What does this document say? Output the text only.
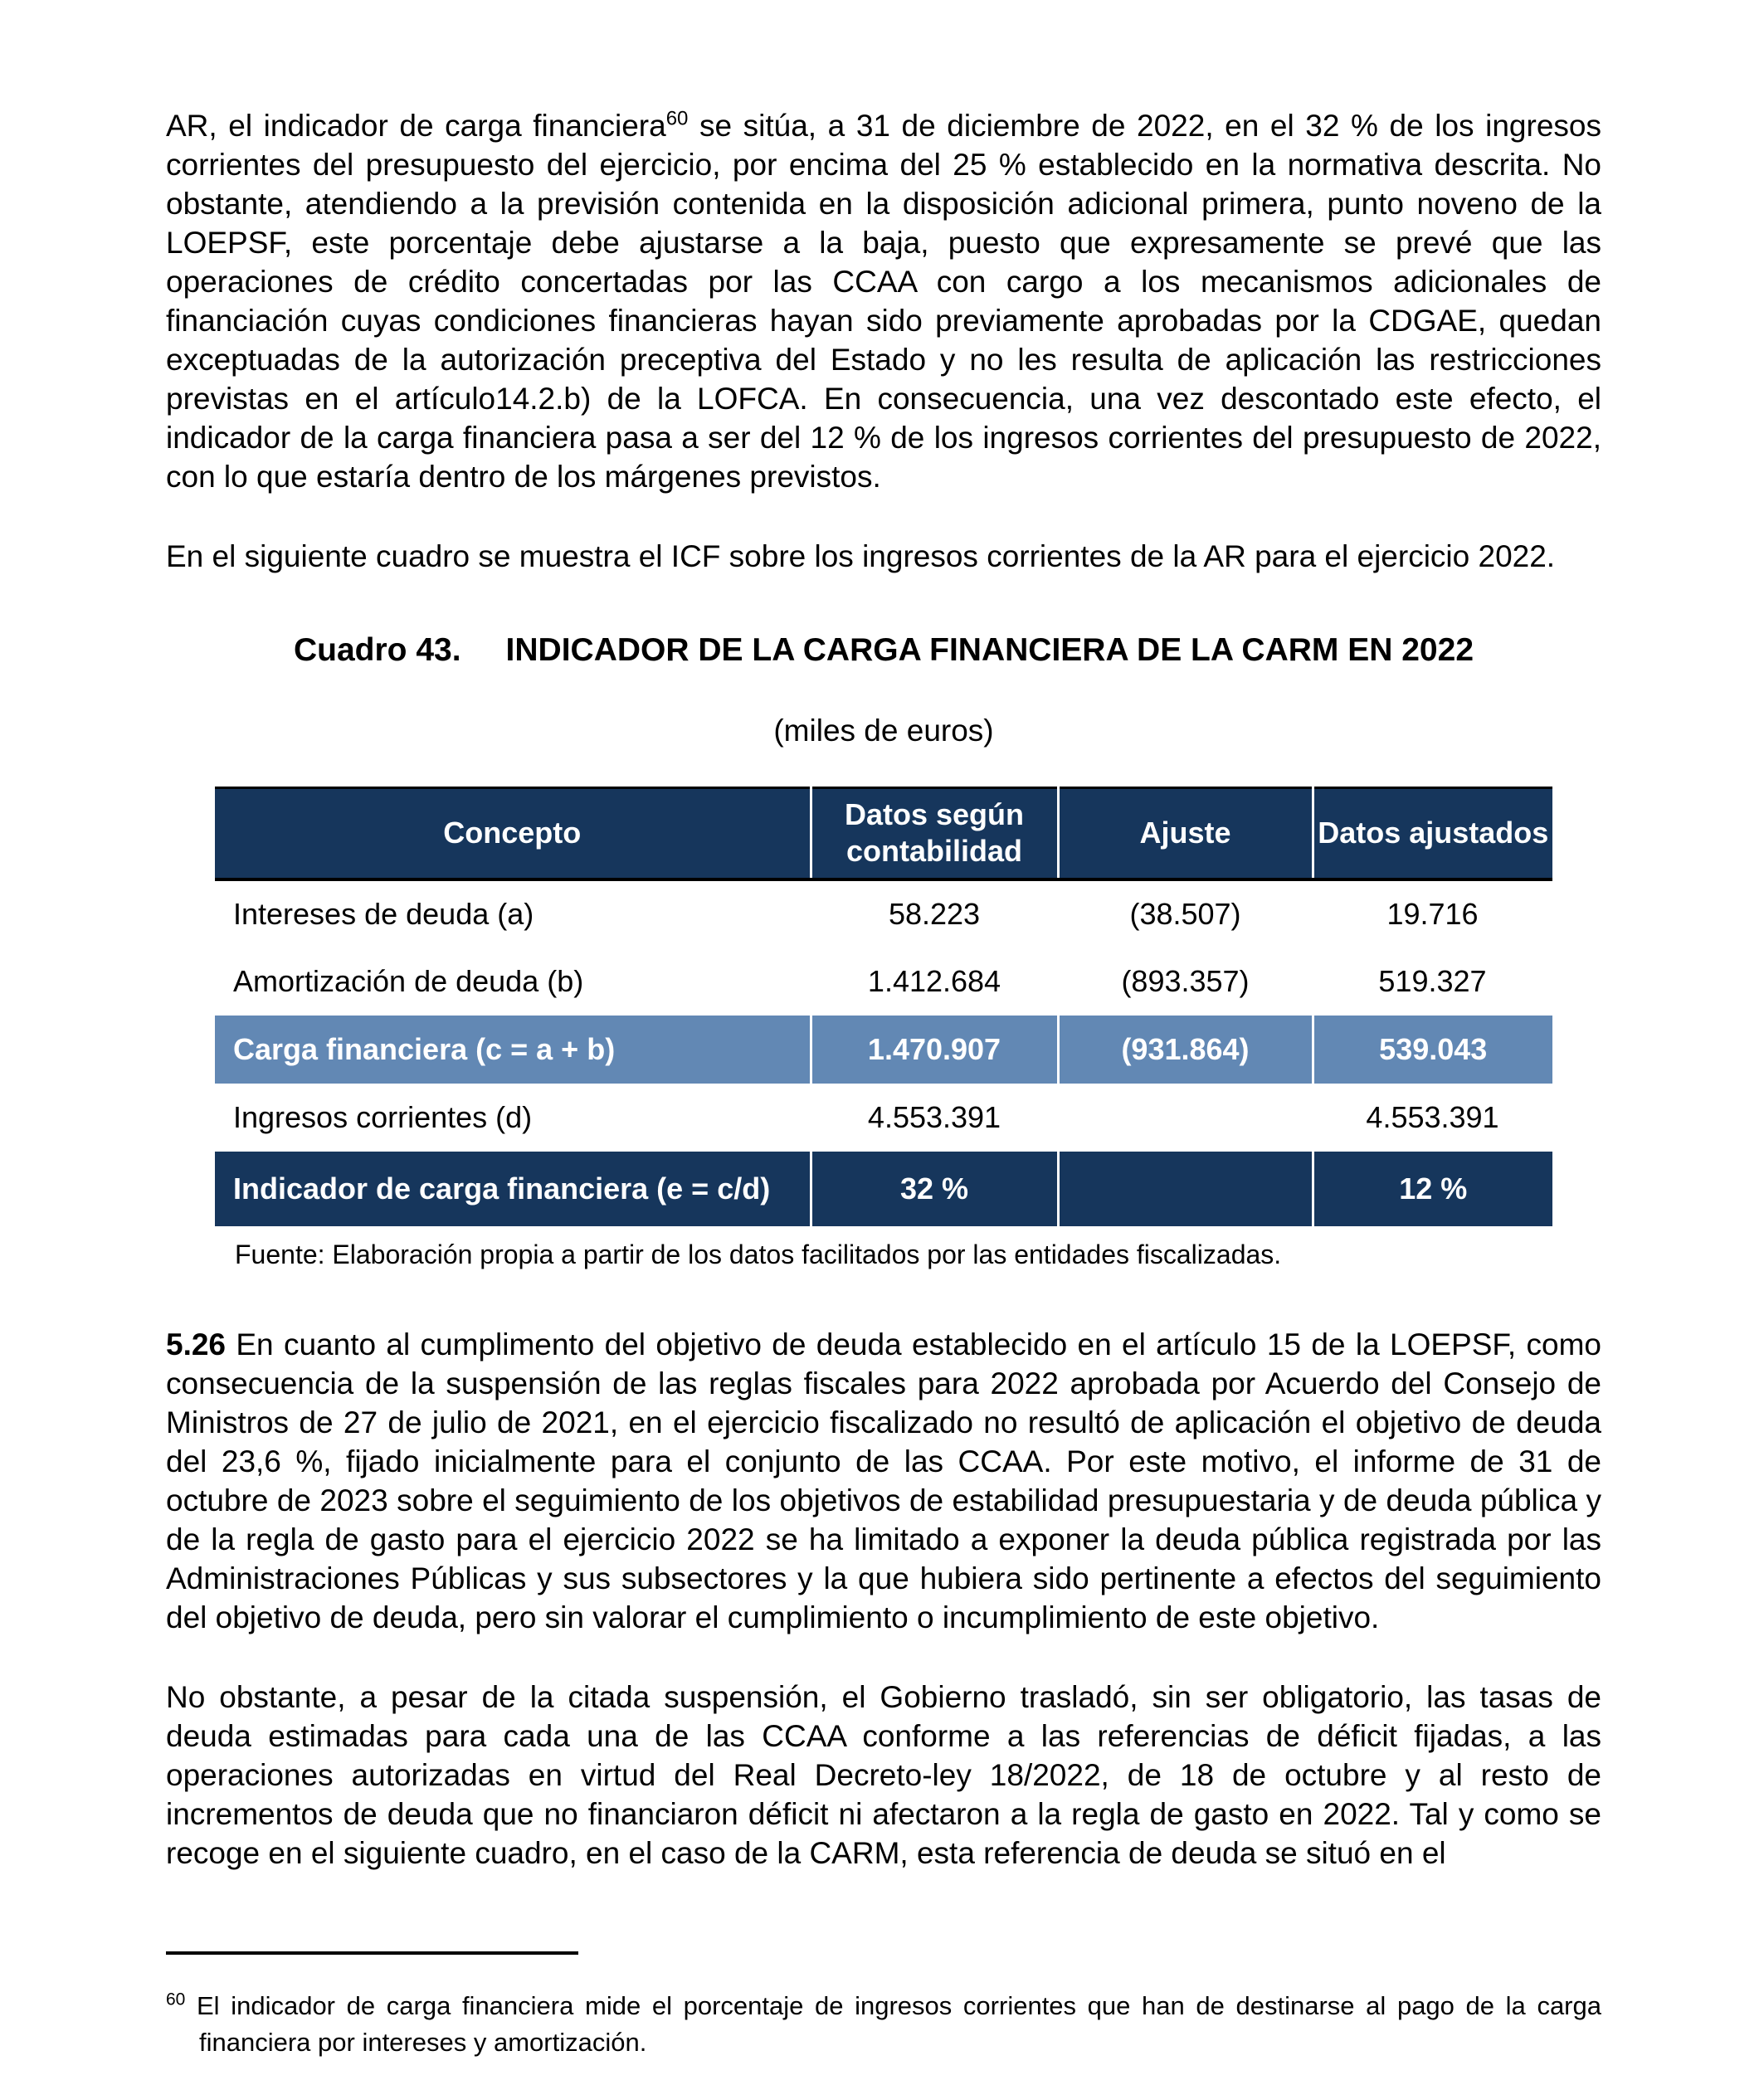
AR, el indicador de carga financiera$^{60}$ se sitúa, a 31 de diciembre de 2022, en el 32 % de los ingresos corrientes del presupuesto del ejercicio, por encima del 25 % establecido en la normativa descrita. No obstante, atendiendo a la previsión contenida en la disposición adicional primera, punto noveno de la LOEPSF, este porcentaje debe ajustarse a la baja, puesto que expresamente se prevé que las operaciones de crédito concertadas por las CCAA con cargo a los mecanismos adicionales de financiación cuyas condiciones financieras hayan sido previamente aprobadas por la CDGAE, quedan exceptuadas de la autorización preceptiva del Estado y no les resulta de aplicación las restricciones previstas en el artículo14.2.b) de la LOFCA. En consecuencia, una vez descontado este efecto, el indicador de la carga financiera pasa a ser del 12 % de los ingresos corrientes del presupuesto de 2022, con lo que estaría dentro de los márgenes previstos.

En el siguiente cuadro se muestra el ICF sobre los ingresos corrientes de la AR para el ejercicio 2022.

Cuadro 43. INDICADOR DE LA CARGA FINANCIERA DE LA CARM EN 2022
(miles de euros)
Concepto	Datos según contabilidad	Ajuste	Datos ajustados
Intereses de deuda (a)	58.223	(38.507)	19.716
Amortización de deuda (b)	1.412.684	(893.357)	519.327
Carga financiera (c = a + b)	1.470.907	(931.864)	539.043
Ingresos corrientes (d)	4.553.391		4.553.391
Indicador de carga financiera (e = c/d)	32 %		12 %
Fuente: Elaboración propia a partir de los datos facilitados por las entidades fiscalizadas.

5.26 En cuanto al cumplimento del objetivo de deuda establecido en el artículo 15 de la LOEPSF, como consecuencia de la suspensión de las reglas fiscales para 2022 aprobada por Acuerdo del Consejo de Ministros de 27 de julio de 2021, en el ejercicio fiscalizado no resultó de aplicación el objetivo de deuda del 23,6 %, fijado inicialmente para el conjunto de las CCAA. Por este motivo, el informe de 31 de octubre de 2023 sobre el seguimiento de los objetivos de estabilidad presupuestaria y de deuda pública y de la regla de gasto para el ejercicio 2022 se ha limitado a exponer la deuda pública registrada por las Administraciones Públicas y sus subsectores y la que hubiera sido pertinente a efectos del seguimiento del objetivo de deuda, pero sin valorar el cumplimiento o incumplimiento de este objetivo.

No obstante, a pesar de la citada suspensión, el Gobierno trasladó, sin ser obligatorio, las tasas de deuda estimadas para cada una de las CCAA conforme a las referencias de déficit fijadas, a las operaciones autorizadas en virtud del Real Decreto-ley 18/2022, de 18 de octubre y al resto de incrementos de deuda que no financiaron déficit ni afectaron a la regla de gasto en 2022. Tal y como se recoge en el siguiente cuadro, en el caso de la CARM, esta referencia de deuda se situó en el

$^{60}$ El indicador de carga financiera mide el porcentaje de ingresos corrientes que han de destinarse al pago de la carga financiera por intereses y amortización.
